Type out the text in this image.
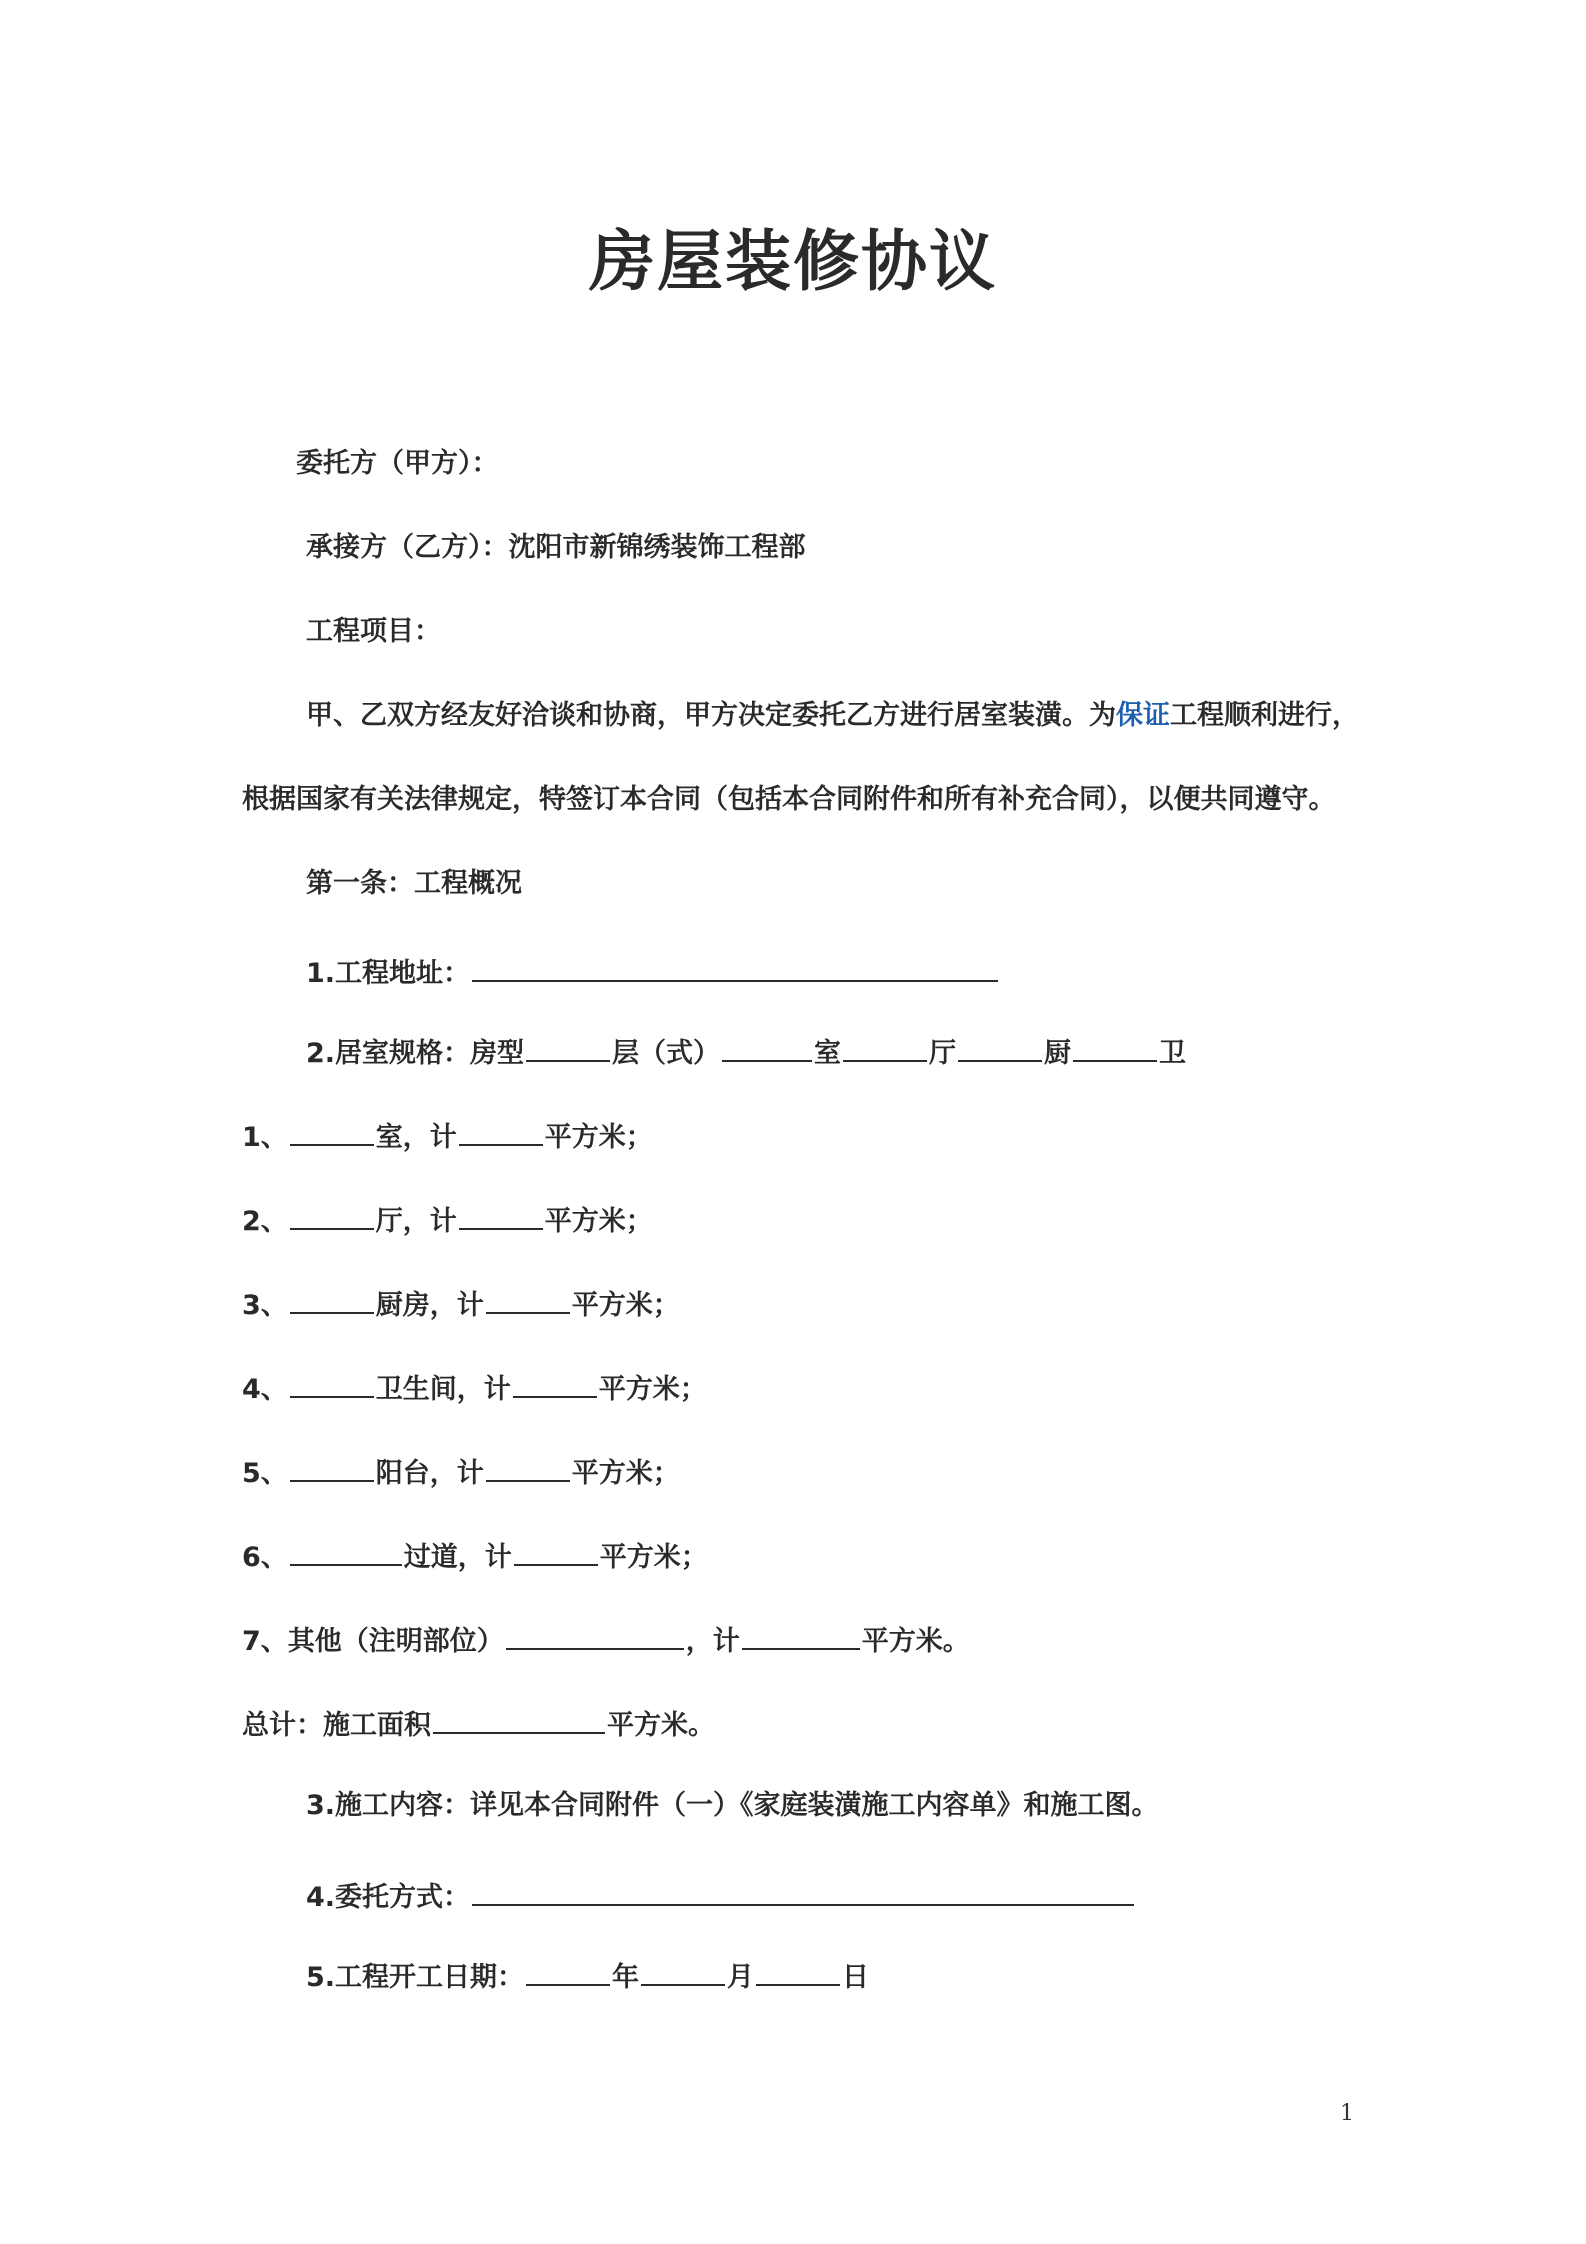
房屋装修协议
委托方（甲方）：
承接方（乙方）：沈阳市新锦绣装饰工程部
工程项目：
甲、乙双方经友好洽谈和协商，甲方决定委托乙方进行居室装潢。为保证工程顺利进行，
根据国家有关法律规定，特签订本合同（包括本合同附件和所有补充合同），以便共同遵守。
第一条：工程概况
1.工程地址：
2.居室规格：房型	层（式）	室	厅	厨	卫
1、	室，计	平方米；
2、	厅，计	平方米；
3、	厨房，计	平方米；
4、	卫生间，计	平方米；
5、	阳台，计	平方米；
6、	过道，计	平方米；
7、其他（注明部位）	，计	平方米。
总计：施工面积	平方米。
3.施工内容：详见本合同附件（一）《家庭装潢施工内容单》和施工图。
4.委托方式：
5.工程开工日期：	年	月	日
1
